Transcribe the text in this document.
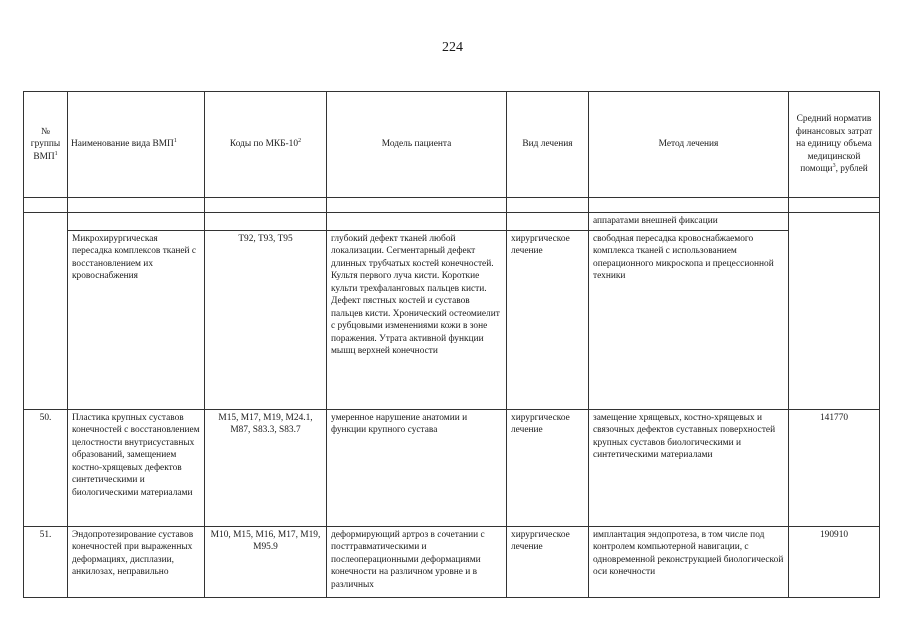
224
№ группы ВМП$^1$	Наименование вида ВМП$^1$	Коды по МКБ-$10^2$	Модель пациента	Вид лечения	Метод лечения	Средний норматив финансовых затрат на единицу объема медицинской помощи$^3$, рублей

					аппаратами внешней фиксации	
	Микрохирургическая пересадка комплексов тканей с восстановлением их кровоснабжения	T92, T93, T95	глубокий дефект тканей любой локализации. Сегментарный дефект длинных трубчатых костей конечностей. Культя первого луча кисти. Короткие культи трехфаланговых пальцев кисти. Дефект пястных костей и суставов пальцев кисти. Хронический остеомиелит с рубцовыми изменениями кожи в зоне поражения. Утрата активной функции мышц верхней конечности	хирургическое лечение	свободная пересадка кровоснабжаемого комплекса тканей с использованием операционного микроскопа и прецессионной техники	
50.	Пластика крупных суставов конечностей с восстановлением целостности внутрисуставных образований, замещением костно-хрящевых дефектов синтетическими и биологическими материалами	M15, M17, M19, M24.1, M87, S83.3, S83.7	умеренное нарушение анатомии и функции крупного сустава	хирургическое лечение	замещение хрящевых, костно-хрящевых и связочных дефектов суставных поверхностей крупных суставов биологическими и синтетическими материалами	141770
51.	Эндопротезирование суставов конечностей при выраженных деформациях, дисплазии, анкилозах, неправильно	M10, M15, M16, M17, M19, M95.9	деформирующий артроз в сочетании с посттравматическими и послеоперационными деформациями конечности на различном уровне и в различных	хирургическое лечение	имплантация эндопротеза, в том числе под контролем компьютерной навигации, с одновременной реконструкцией биологической оси конечности	190910
